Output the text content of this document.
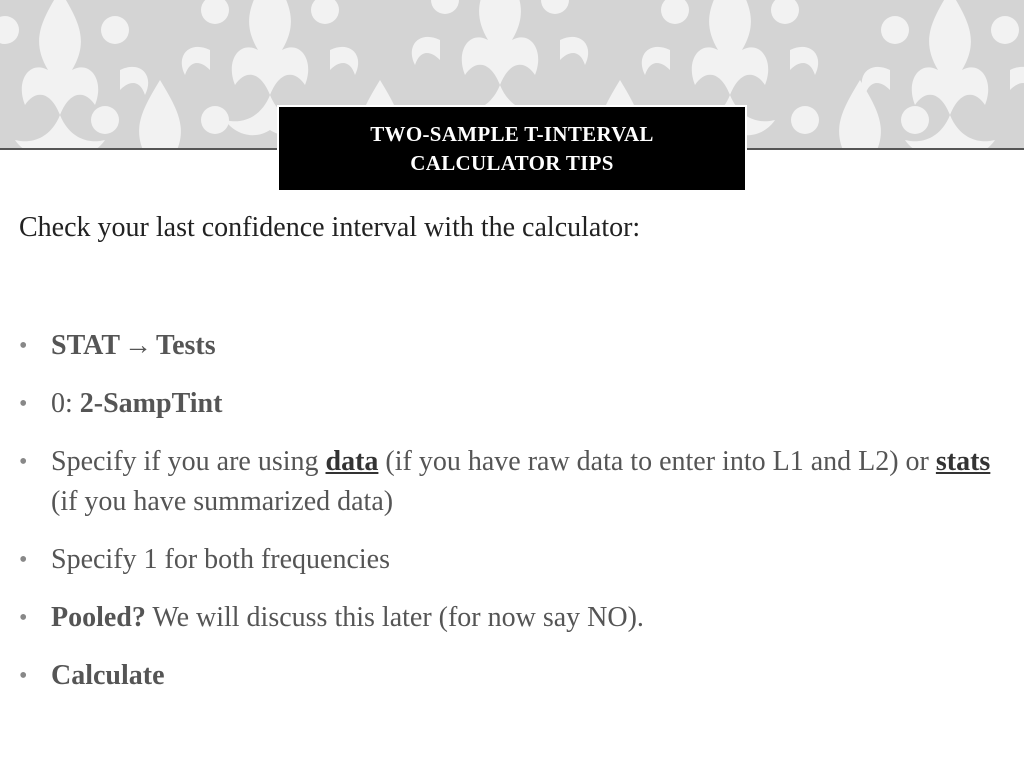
TWO-SAMPLE T-INTERVAL
CALCULATOR TIPS
Check your last confidence interval with the calculator:
• STAT → Tests
• 0: 2-SampTint
• Specify if you are using data (if you have raw data to enter into L1 and L2) or stats (if you have summarized data)
• Specify 1 for both frequencies
• Pooled? We will discuss this later (for now say NO).
• Calculate
